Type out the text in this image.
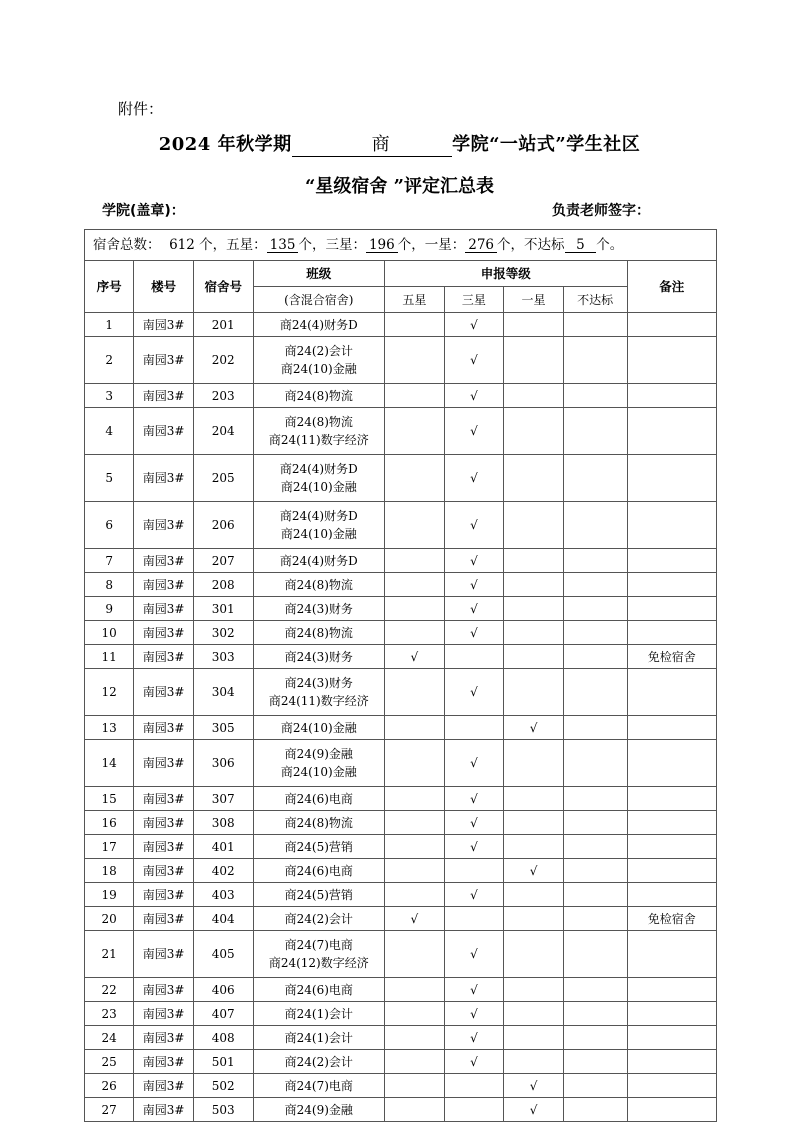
附件：
2024 年秋学期	商	学院“一站式”学生社区
“星级宿舍 ”评定汇总表
学院(盖章)：	负责老师签字：
宿舍总数： 612 个，五星： 135 个，三星： 196 个，一星： 276 个，不达标 5 个。								
序号	楼号	宿舍号	班级	申报等级				备注
			(含混合宿舍)	五星	三星	一星	不达标	
1	南园3#	201	商24(4)财务D		√			
2	南园3#	202	商24(2)会计
商24(10)金融		√			
3	南园3#	203	商24(8)物流		√			
4	南园3#	204	商24(8)物流
商24(11)数字经济		√			
5	南园3#	205	商24(4)财务D
商24(10)金融		√			
6	南园3#	206	商24(4)财务D
商24(10)金融		√			
7	南园3#	207	商24(4)财务D		√			
8	南园3#	208	商24(8)物流		√			
9	南园3#	301	商24(3)财务		√			
10	南园3#	302	商24(8)物流		√			
11	南园3#	303	商24(3)财务	√				免检宿舍
12	南园3#	304	商24(3)财务
商24(11)数字经济		√			
13	南园3#	305	商24(10)金融			√		
14	南园3#	306	商24(9)金融
商24(10)金融		√			
15	南园3#	307	商24(6)电商		√			
16	南园3#	308	商24(8)物流		√			
17	南园3#	401	商24(5)营销		√			
18	南园3#	402	商24(6)电商			√		
19	南园3#	403	商24(5)营销		√			
20	南园3#	404	商24(2)会计	√				免检宿舍
21	南园3#	405	商24(7)电商
商24(12)数字经济		√			
22	南园3#	406	商24(6)电商		√			
23	南园3#	407	商24(1)会计		√			
24	南园3#	408	商24(1)会计		√			
25	南园3#	501	商24(2)会计		√			
26	南园3#	502	商24(7)电商			√		
27	南园3#	503	商24(9)金融			√		
